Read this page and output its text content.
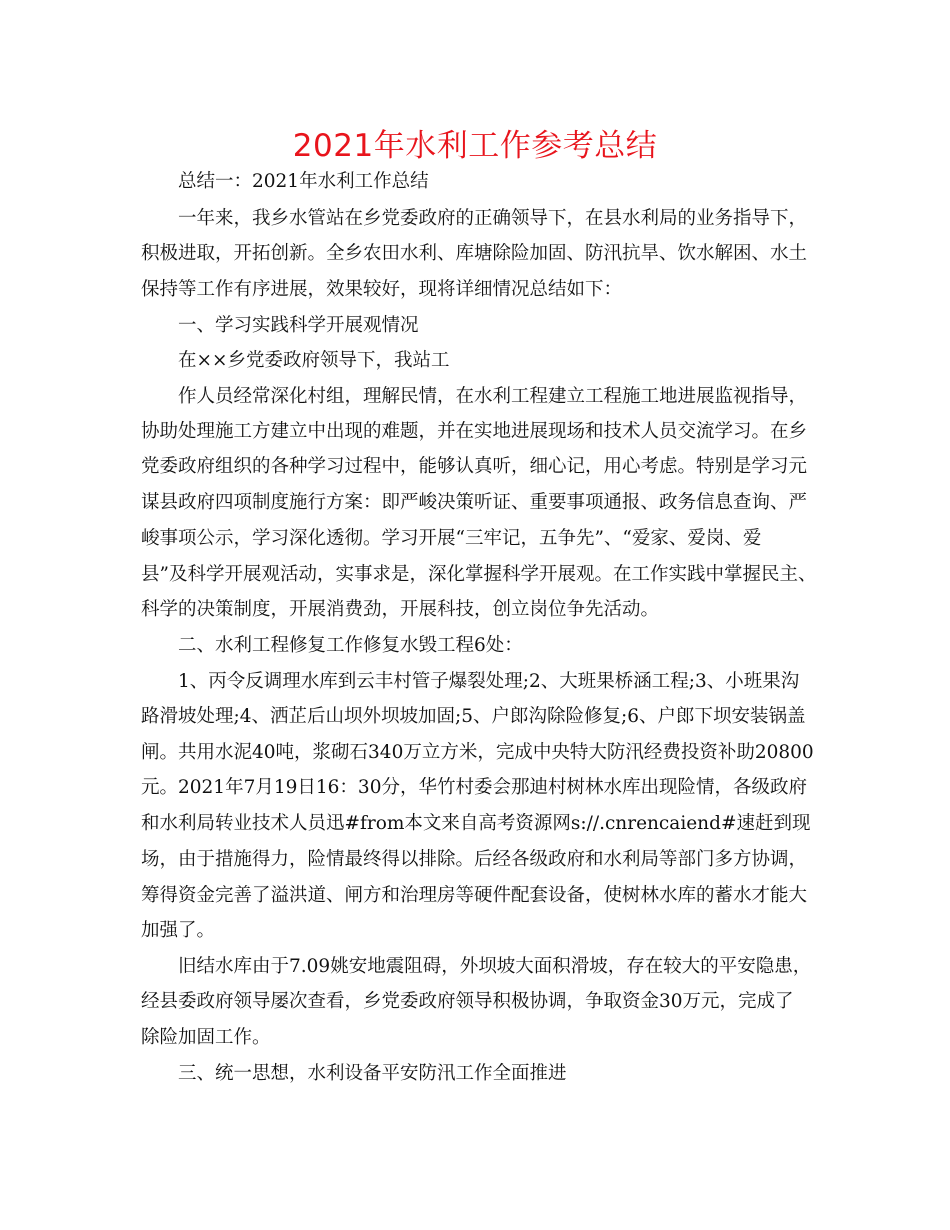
2021年水利工作参考总结
总结一：2021年水利工作总结
一年来，我乡水管站在乡党委政府的正确领导下，在县水利局的业务指导下，
积极进取，开拓创新。全乡农田水利、库塘除险加固、防汛抗旱、饮水解困、水土
保持等工作有序进展，效果较好，现将详细情况总结如下：
一、学习实践科学开展观情况
在××乡党委政府领导下，我站工
作人员经常深化村组，理解民情，在水利工程建立工程施工地进展监视指导，
协助处理施工方建立中出现的难题，并在实地进展现场和技术人员交流学习。在乡
党委政府组织的各种学习过程中，能够认真听，细心记，用心考虑。特别是学习元
谋县政府四项制度施行方案：即严峻决策听证、重要事项通报、政务信息查询、严
峻事项公示，学习深化透彻。学习开展“三牢记，五争先”、“爱家、爱岗、爱
县”及科学开展观活动，实事求是，深化掌握科学开展观。在工作实践中掌握民主、
科学的决策制度，开展消费劲，开展科技，创立岗位争先活动。
二、水利工程修复工作修复水毁工程6处：
1、丙令反调理水库到云丰村管子爆裂处理;2、大班果桥涵工程;3、小班果沟
路滑坡处理;4、洒芷后山坝外坝坡加固;5、户郎沟除险修复;6、户郎下坝安装锅盖
闸。共用水泥40吨，浆砌石340万立方米，完成中央特大防汛经费投资补助20800
元。2021年7月19日16：30分，华竹村委会那迪村树林水库出现险情，各级政府
和水利局转业技术人员迅#from本文来自高考资源网s://.cnrencaiend#速赶到现
场，由于措施得力，险情最终得以排除。后经各级政府和水利局等部门多方协调，
筹得资金完善了溢洪道、闸方和治理房等硬件配套设备，使树林水库的蓄水才能大
加强了。
旧结水库由于7.09姚安地震阻碍，外坝坡大面积滑坡，存在较大的平安隐患，
经县委政府领导屡次查看，乡党委政府领导积极协调，争取资金30万元，完成了
除险加固工作。
三、统一思想，水利设备平安防汛工作全面推进
